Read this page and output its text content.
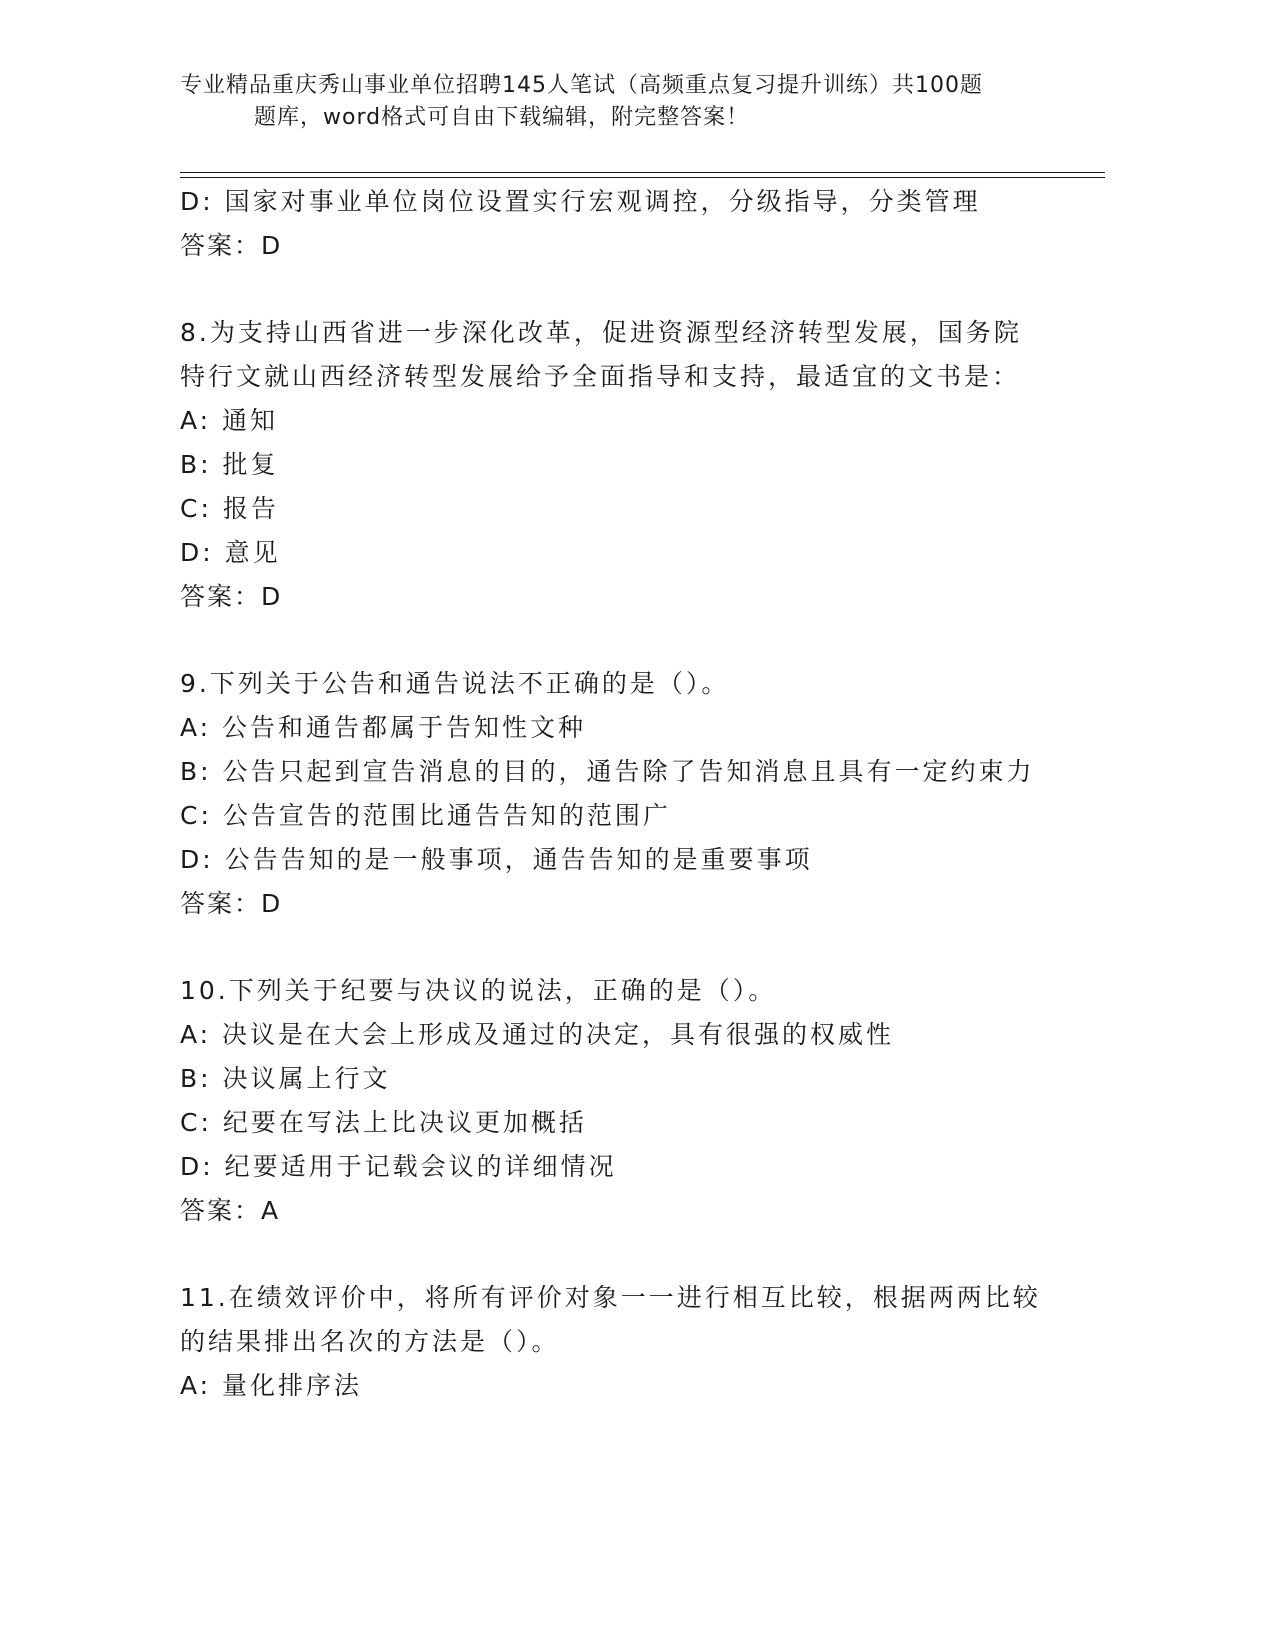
专业精品重庆秀山事业单位招聘145人笔试（高频重点复习提升训练）共100题
题库，word格式可自由下载编辑，附完整答案！
D: 国家对事业单位岗位设置实行宏观调控，分级指导，分类管理
答案：D
8.为支持山西省进一步深化改革，促进资源型经济转型发展，国务院
特行文就山西经济转型发展给予全面指导和支持，最适宜的文书是：
A: 通知
B: 批复
C: 报告
D: 意见
答案：D
9.下列关于公告和通告说法不正确的是（）。
A: 公告和通告都属于告知性文种
B: 公告只起到宣告消息的目的，通告除了告知消息且具有一定约束力
C: 公告宣告的范围比通告告知的范围广
D: 公告告知的是一般事项，通告告知的是重要事项
答案：D
10.下列关于纪要与决议的说法，正确的是（）。
A: 决议是在大会上形成及通过的决定，具有很强的权威性
B: 决议属上行文
C: 纪要在写法上比决议更加概括
D: 纪要适用于记载会议的详细情况
答案：A
11.在绩效评价中，将所有评价对象一一进行相互比较，根据两两比较
的结果排出名次的方法是（）。
A: 量化排序法
